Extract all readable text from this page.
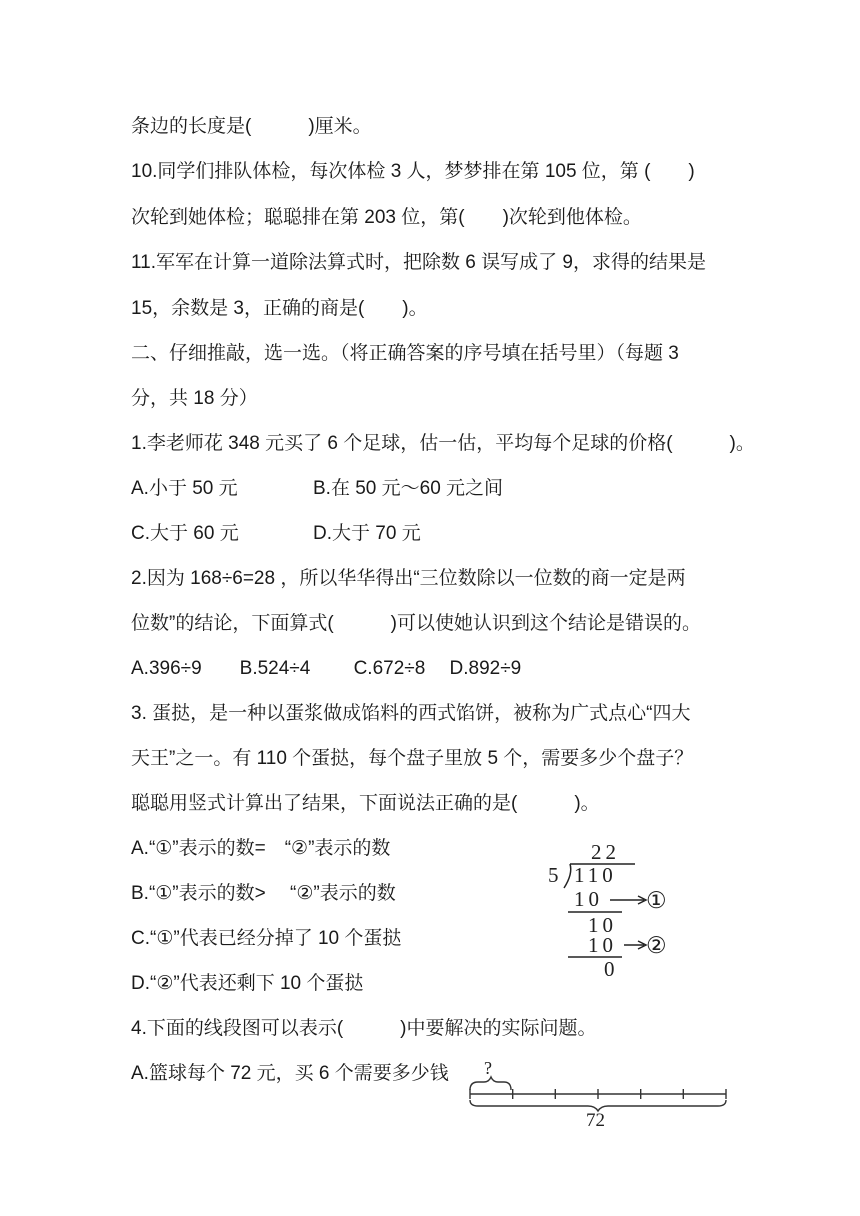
条边的长度是(　　　)厘米。
10.同学们排队体检，每次体检 3 人，梦梦排在第 105 位，第 (　　)
次轮到她体检；聪聪排在第 203 位，第(　　)次轮到他体检。
11.军军在计算一道除法算式时，把除数 6 误写成了 9，求得的结果是
15，余数是 3，正确的商是(　　)。
二、仔细推敲，选一选。（将正确答案的序号填在括号里）（每题 3
分，共 18 分）
1.李老师花 348 元买了 6 个足球，估一估，平均每个足球的价格(　　　)。
A.小于 50 元	B.在 50 元～60 元之间
C.大于 60 元	D.大于 70 元
2.因为 168÷6=28 ，所以华华得出“三位数除以一位数的商一定是两
位数”的结论，下面算式(　　　)可以使她认识到这个结论是错误的。
A.396÷9　　B.524÷4　　 C.672÷8　 D.892÷9
3. 蛋挞，是一种以蛋浆做成馅料的西式馅饼，被称为广式点心“四大
天王”之一。有 110 个蛋挞，每个盘子里放 5 个，需要多少个盘子？
聪聪用竖式计算出了结果，下面说法正确的是(　　　)。
A.“①”表示的数=　“②”表示的数
B.“①”表示的数>　 “②”表示的数
C.“①”代表已经分掉了 10 个蛋挞
D.“②”代表还剩下 10 个蛋挞
4.下面的线段图可以表示(　　　)中要解决的实际问题。
A.篮球每个 72 元，买 6 个需要多少钱
22
5 110
10 ①
10
10 ②
0
?
72
